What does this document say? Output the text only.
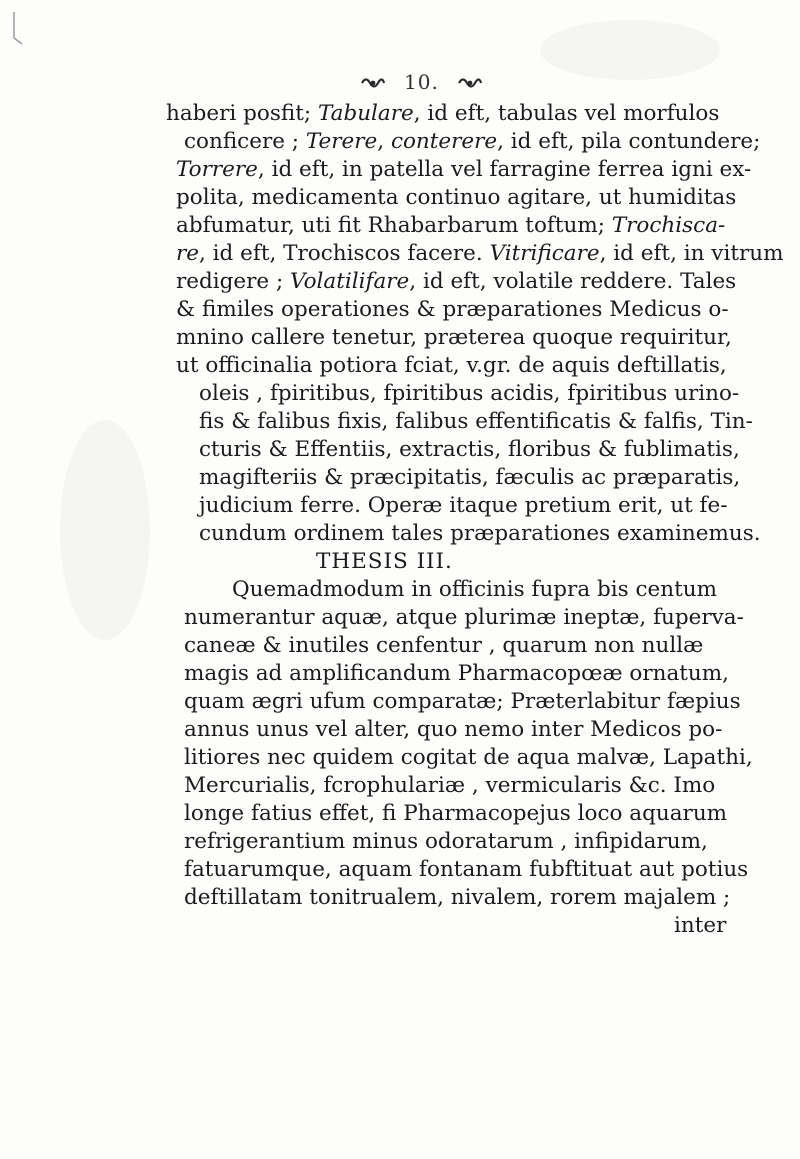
10.
haberi posfit; Tabulare, id eft, tabulas vel morfulos
conficere ; Terere, conterere, id eft, pila contundere;
Torrere, id eft, in patella vel farragine ferrea igni ex-
polita, medicamenta continuo agitare, ut humiditas
abfumatur, uti fit Rhabarbarum toftum; Trochisca-
re, id eft, Trochiscos facere. Vitrificare, id eft, in vitrum
redigere ; Volatilifare, id eft, volatile reddere. Tales
& fimiles operationes & præparationes Medicus o-
mnino callere tenetur, præterea quoque requiritur,
ut officinalia potiora fciat, v.gr. de aquis deftillatis,
oleis , fpiritibus, fpiritibus acidis, fpiritibus urino-
fis & falibus fixis, falibus effentificatis & falfis, Tin-
cturis & Effentiis, extractis, floribus & fublimatis,
magifteriis & præcipitatis, fæculis ac præparatis,
judicium ferre. Operæ itaque pretium erit, ut fe-
cundum ordinem tales præparationes examinemus.
THESIS III.
Quemadmodum in officinis fupra bis centum
numerantur aquæ, atque plurimæ ineptæ, fuperva-
caneæ & inutiles cenfentur , quarum non nullæ
magis ad amplificandum Pharmacopœæ ornatum,
quam ægri ufum comparatæ; Præterlabitur fæpius
annus unus vel alter, quo nemo inter Medicos po-
litiores nec quidem cogitat de aqua malvæ, Lapathi,
Mercurialis, fcrophulariæ , vermicularis &c. Imo
longe fatius effet, fi Pharmacopejus loco aquarum
refrigerantium minus odoratarum , infipidarum,
fatuarumque, aquam fontanam fubftituat aut potius
deftillatam tonitrualem, nivalem, rorem majalem ;
inter
